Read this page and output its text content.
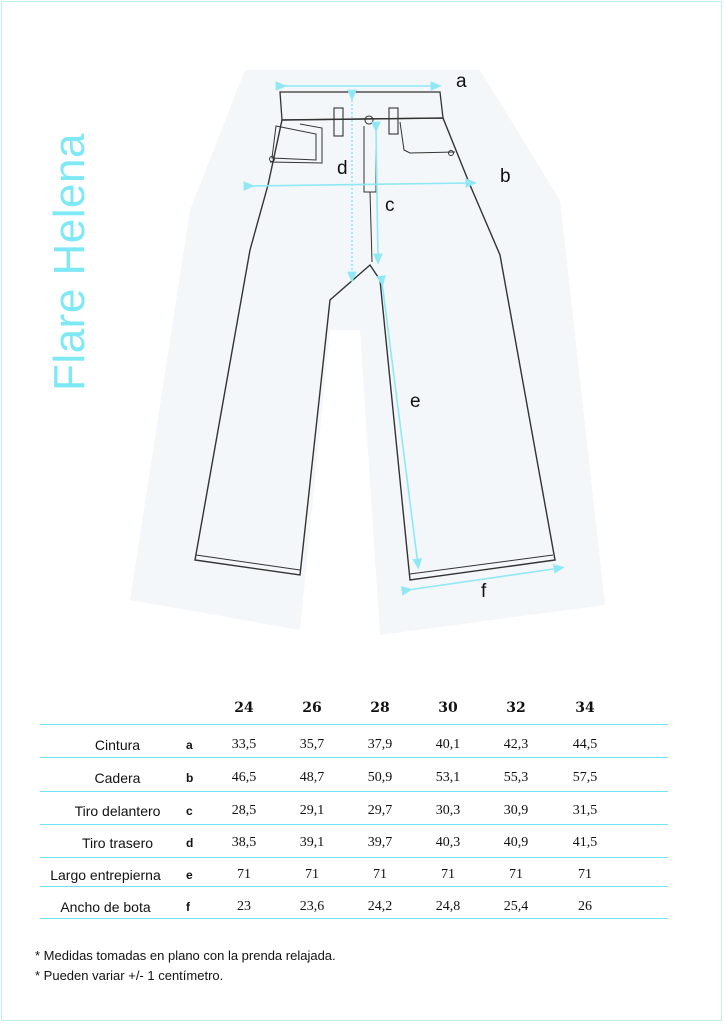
Flare Helena
a
b
c
d
e
f
24	26	28	30	32	34
Cintura	a	33,5	35,7	37,9	40,1	42,3	44,5
Cadera	b	46,5	48,7	50,9	53,1	55,3	57,5
Tiro delantero	c	28,5	29,1	29,7	30,3	30,9	31,5
Tiro trasero	d	38,5	39,1	39,7	40,3	40,9	41,5
Largo entrepierna	e	71	71	71	71	71	71
Ancho de bota	f	23	23,6	24,2	24,8	25,4	26
* Medidas tomadas en plano con la prenda relajada.
* Pueden variar +/- 1 centímetro.
